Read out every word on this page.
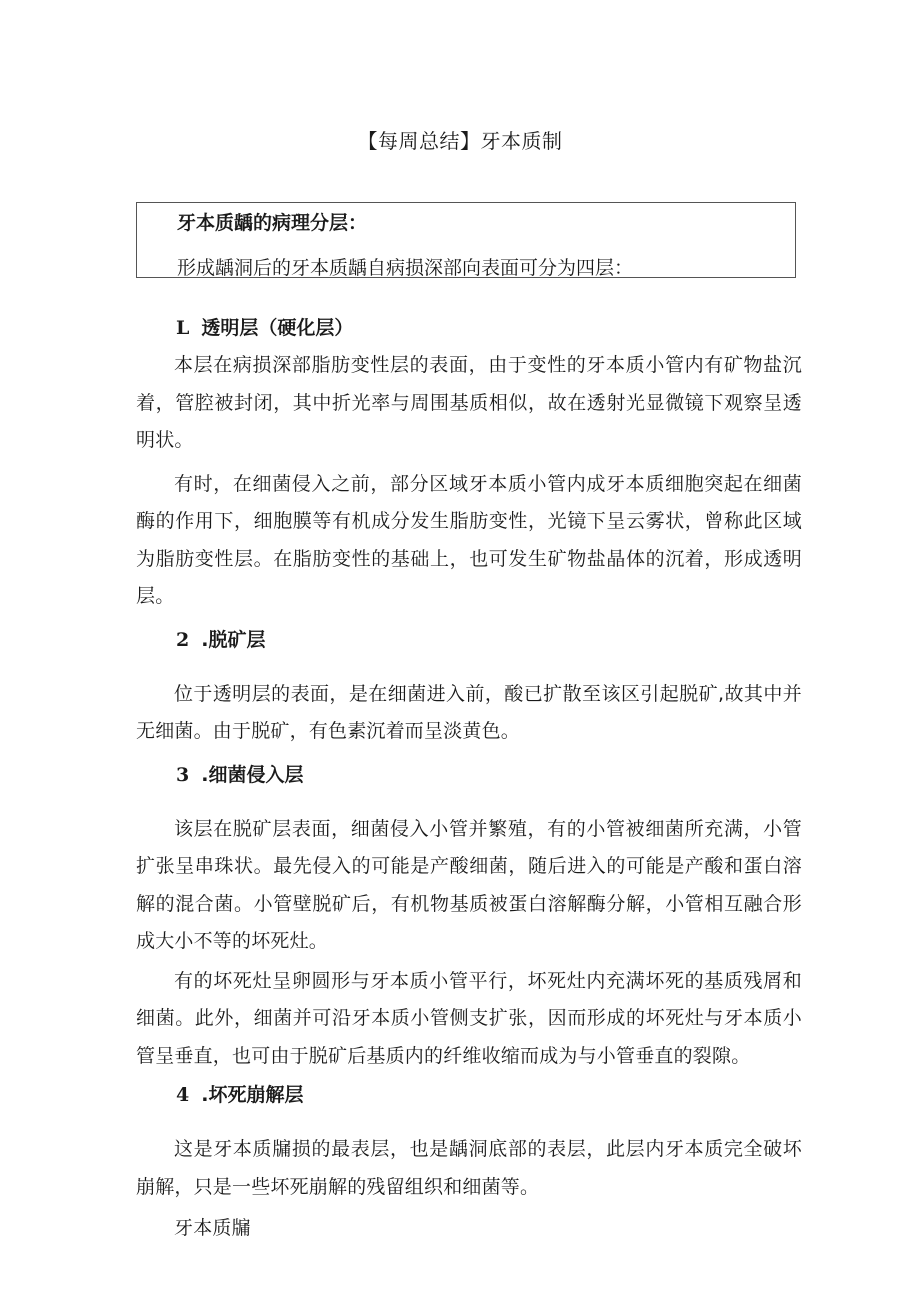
【每周总结】牙本质制
牙本质龋的病理分层：
形成龋洞后的牙本质龋自病损深部向表面可分为四层：

L 透明层（硬化层）

本层在病损深部脂肪变性层的表面，由于变性的牙本质小管内有矿物盐沉着，管腔被封闭，其中折光率与周围基质相似，故在透射光显微镜下观察呈透明状。

有时，在细菌侵入之前，部分区域牙本质小管内成牙本质细胞突起在细菌酶的作用下，细胞膜等有机成分发生脂肪变性，光镜下呈云雾状，曾称此区域为脂肪变性层。在脂肪变性的基础上，也可发生矿物盐晶体的沉着，形成透明层。

2 .脱矿层

位于透明层的表面，是在细菌进入前，酸已扩散至该区引起脱矿,故其中并无细菌。由于脱矿，有色素沉着而呈淡黄色。

3 .细菌侵入层

该层在脱矿层表面，细菌侵入小管并繁殖，有的小管被细菌所充满，小管扩张呈串珠状。最先侵入的可能是产酸细菌，随后进入的可能是产酸和蛋白溶解的混合菌。小管壁脱矿后，有机物基质被蛋白溶解酶分解，小管相互融合形成大小不等的坏死灶。

有的坏死灶呈卵圆形与牙本质小管平行，坏死灶内充满坏死的基质残屑和细菌。此外，细菌并可沿牙本质小管侧支扩张，因而形成的坏死灶与牙本质小管呈垂直，也可由于脱矿后基质内的纤维收缩而成为与小管垂直的裂隙。

4 .坏死崩解层

这是牙本质牖损的最表层，也是龋洞底部的表层，此层内牙本质完全破坏崩解，只是一些坏死崩解的残留组织和细菌等。

牙本质牖
